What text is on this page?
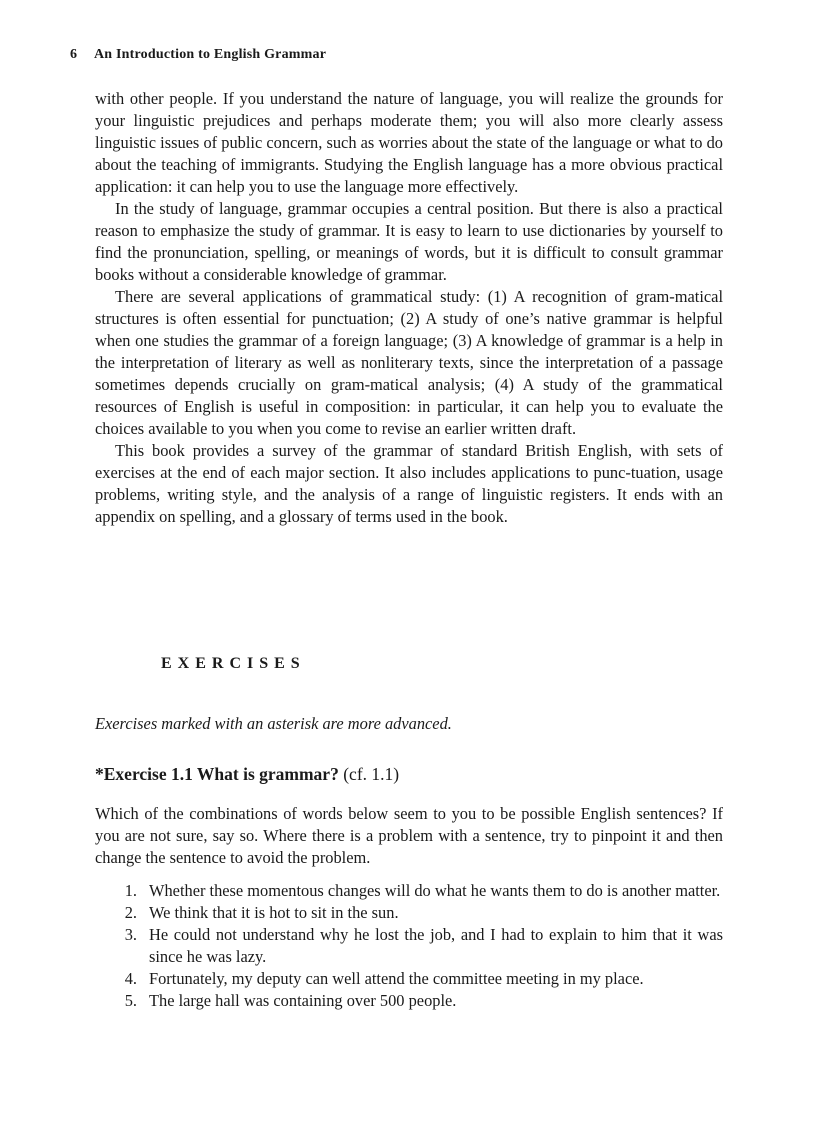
6 An Introduction to English Grammar

with other people. If you understand the nature of language, you will realize the grounds for your linguistic prejudices and perhaps moderate them; you will also more clearly assess linguistic issues of public concern, such as worries about the state of the language or what to do about the teaching of immigrants. Studying the English language has a more obvious practical application: it can help you to use the language more effectively.

In the study of language, grammar occupies a central position. But there is also a practical reason to emphasize the study of grammar. It is easy to learn to use dictionaries by yourself to find the pronunciation, spelling, or meanings of words, but it is difficult to consult grammar books without a considerable knowledge of grammar.

There are several applications of grammatical study: (1) A recognition of gram-matical structures is often essential for punctuation; (2) A study of one’s native grammar is helpful when one studies the grammar of a foreign language; (3) A knowledge of grammar is a help in the interpretation of literary as well as nonliterary texts, since the interpretation of a passage sometimes depends crucially on gram-matical analysis; (4) A study of the grammatical resources of English is useful in composition: in particular, it can help you to evaluate the choices available to you when you come to revise an earlier written draft.

This book provides a survey of the grammar of standard British English, with sets of exercises at the end of each major section. It also includes applications to punc-tuation, usage problems, writing style, and the analysis of a range of linguistic registers. It ends with an appendix on spelling, and a glossary of terms used in the book.

EXERCISES
Exercises marked with an asterisk are more advanced.
*Exercise 1.1 What is grammar? (cf. 1.1)
Which of the combinations of words below seem to you to be possible English sentences? If you are not sure, say so. Where there is a problem with a sentence, try to pinpoint it and then change the sentence to avoid the problem.
1. Whether these momentous changes will do what he wants them to do is another matter.
2. We think that it is hot to sit in the sun.
3. He could not understand why he lost the job, and I had to explain to him that it was since he was lazy.
4. Fortunately, my deputy can well attend the committee meeting in my place.
5. The large hall was containing over 500 people.
